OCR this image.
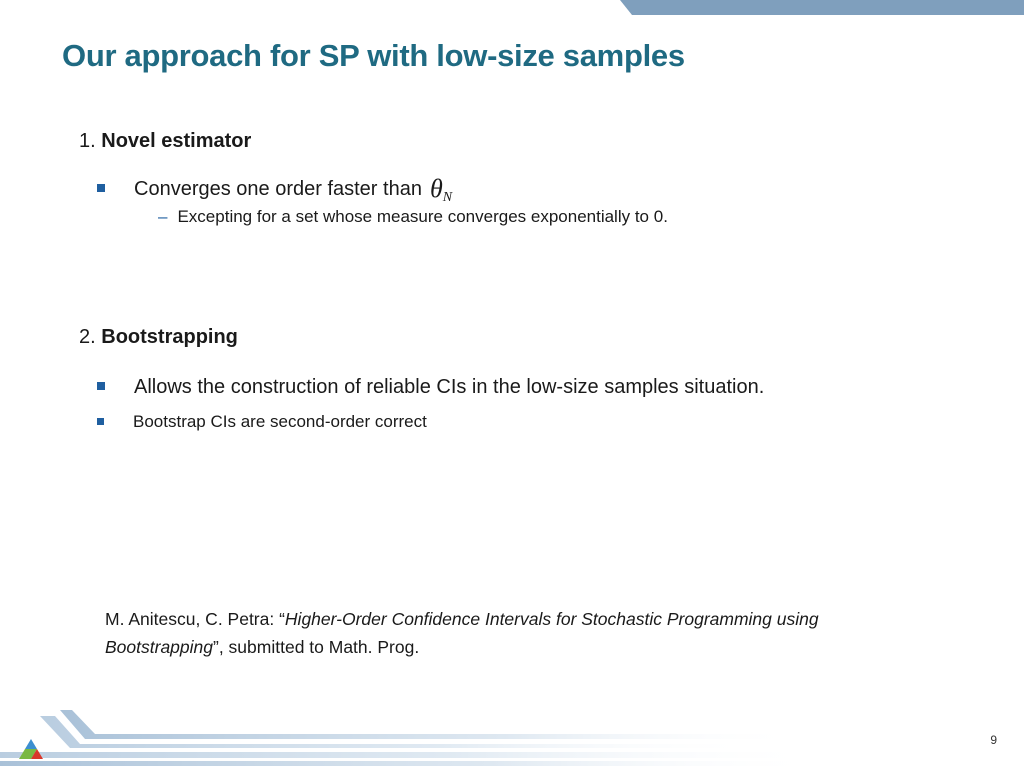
Our approach for SP with low-size samples
1. Novel estimator
Converges one order faster than $\theta_N$
– Excepting for a set whose measure converges exponentially to 0.
2. Bootstrapping
Allows the construction of reliable CIs in the low-size samples situation.
Bootstrap CIs are second-order correct
M. Anitescu, C. Petra: “Higher-Order Confidence Intervals for Stochastic Programming using Bootstrapping”, submitted to Math. Prog.
9
